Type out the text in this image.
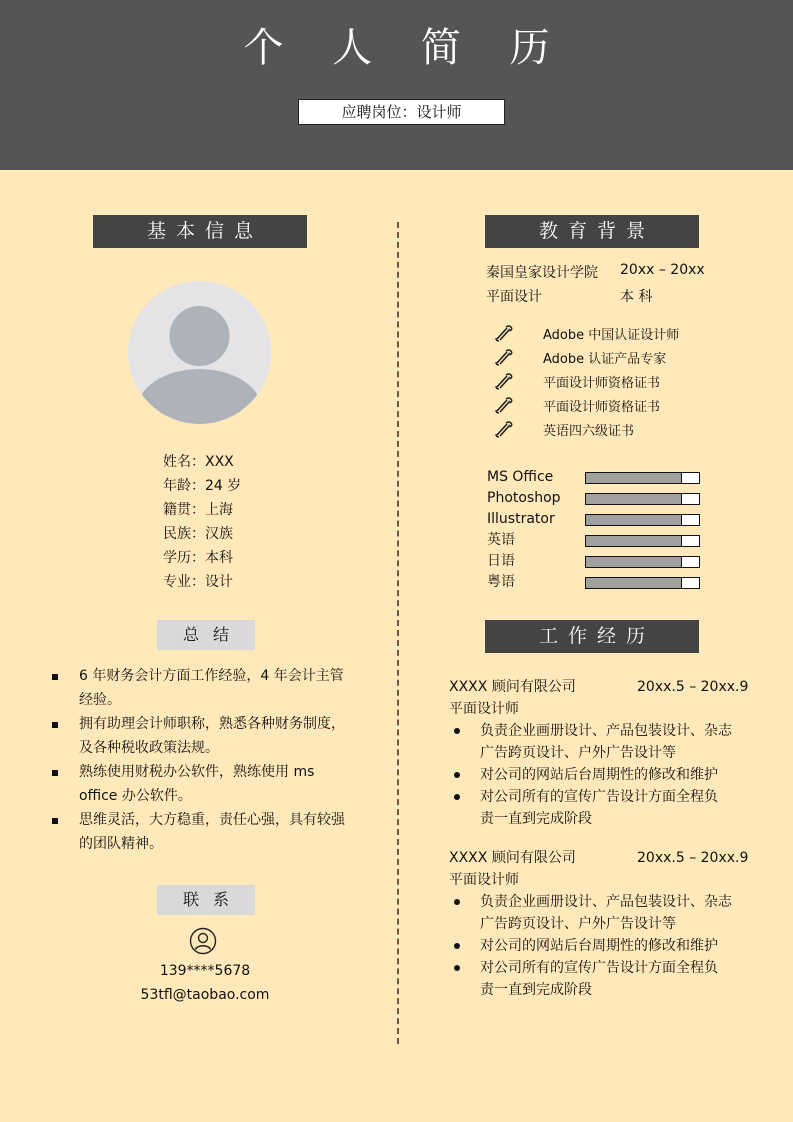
个 人 简 历
应聘岗位：设计师
基本信息
姓名：XXX
年龄：24 岁
籍贯：上海
民族：汉族
学历：本科
专业：设计
总结
6 年财务会计方面工作经验，4 年会计主管
经验。
拥有助理会计师职称，熟悉各种财务制度，
及各种税收政策法规。
熟练使用财税办公软件，熟练使用 ms
office 办公软件。
思维灵活，大方稳重，责任心强，具有较强
的团队精神。
联系
139****5678
53tfl@taobao.com
教育背景
秦国皇家设计学院 20xx – 20xx
平面设计	本 科
Adobe 中国认证设计师
Adobe 认证产品专家
平面设计师资格证书
平面设计师资格证书
英语四六级证书
MS Office
Photoshop
Illustrator
英语
日语
粤语
工作经历
XXXX 顾问有限公司	20xx.5 – 20xx.9
平面设计师
负责企业画册设计、产品包装设计、杂志
广告跨页设计、户外广告设计等
对公司的网站后台周期性的修改和维护
对公司所有的宣传广告设计方面全程负
责一直到完成阶段
XXXX 顾问有限公司	20xx.5 – 20xx.9
平面设计师
负责企业画册设计、产品包装设计、杂志
广告跨页设计、户外广告设计等
对公司的网站后台周期性的修改和维护
对公司所有的宣传广告设计方面全程负
责一直到完成阶段
